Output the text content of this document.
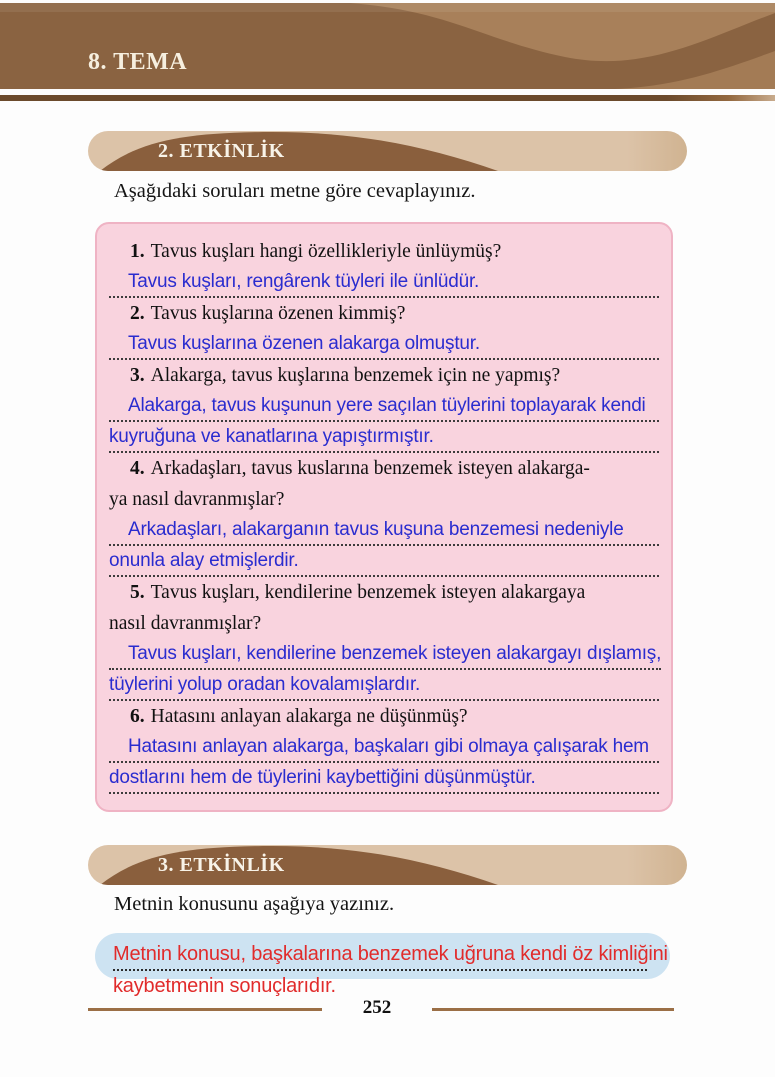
8. TEMA
2. ETKİNLİK
Aşağıdaki soruları metne göre cevaplayınız.
1. Tavus kuşları hangi özellikleriyle ünlüymüş?
Tavus kuşları, rengârenk tüyleri ile ünlüdür.
2. Tavus kuşlarına özenen kimmiş?
Tavus kuşlarına özenen alakarga olmuştur.
3. Alakarga, tavus kuşlarına benzemek için ne yapmış?
Alakarga, tavus kuşunun yere saçılan tüylerini toplayarak kendi
kuyruğuna ve kanatlarına yapıştırmıştır.
4. Arkadaşları, tavus kuslarına benzemek isteyen alakarga-
ya nasıl davranmışlar?
Arkadaşları, alakarganın tavus kuşuna benzemesi nedeniyle
onunla alay etmişlerdir.
5. Tavus kuşları, kendilerine benzemek isteyen alakargaya
nasıl davranmışlar?
Tavus kuşları, kendilerine benzemek isteyen alakargayı dışlamış,
tüylerini yolup oradan kovalamışlardır.
6. Hatasını anlayan alakarga ne düşünmüş?
Hatasını anlayan alakarga, başkaları gibi olmaya çalışarak hem
dostlarını hem de tüylerini kaybettiğini düşünmüştür.
3. ETKİNLİK
Metnin konusunu aşağıya yazınız.
Metnin konusu, başkalarına benzemek uğruna kendi öz kimliğini
kaybetmenin sonuçlarıdır.
252
